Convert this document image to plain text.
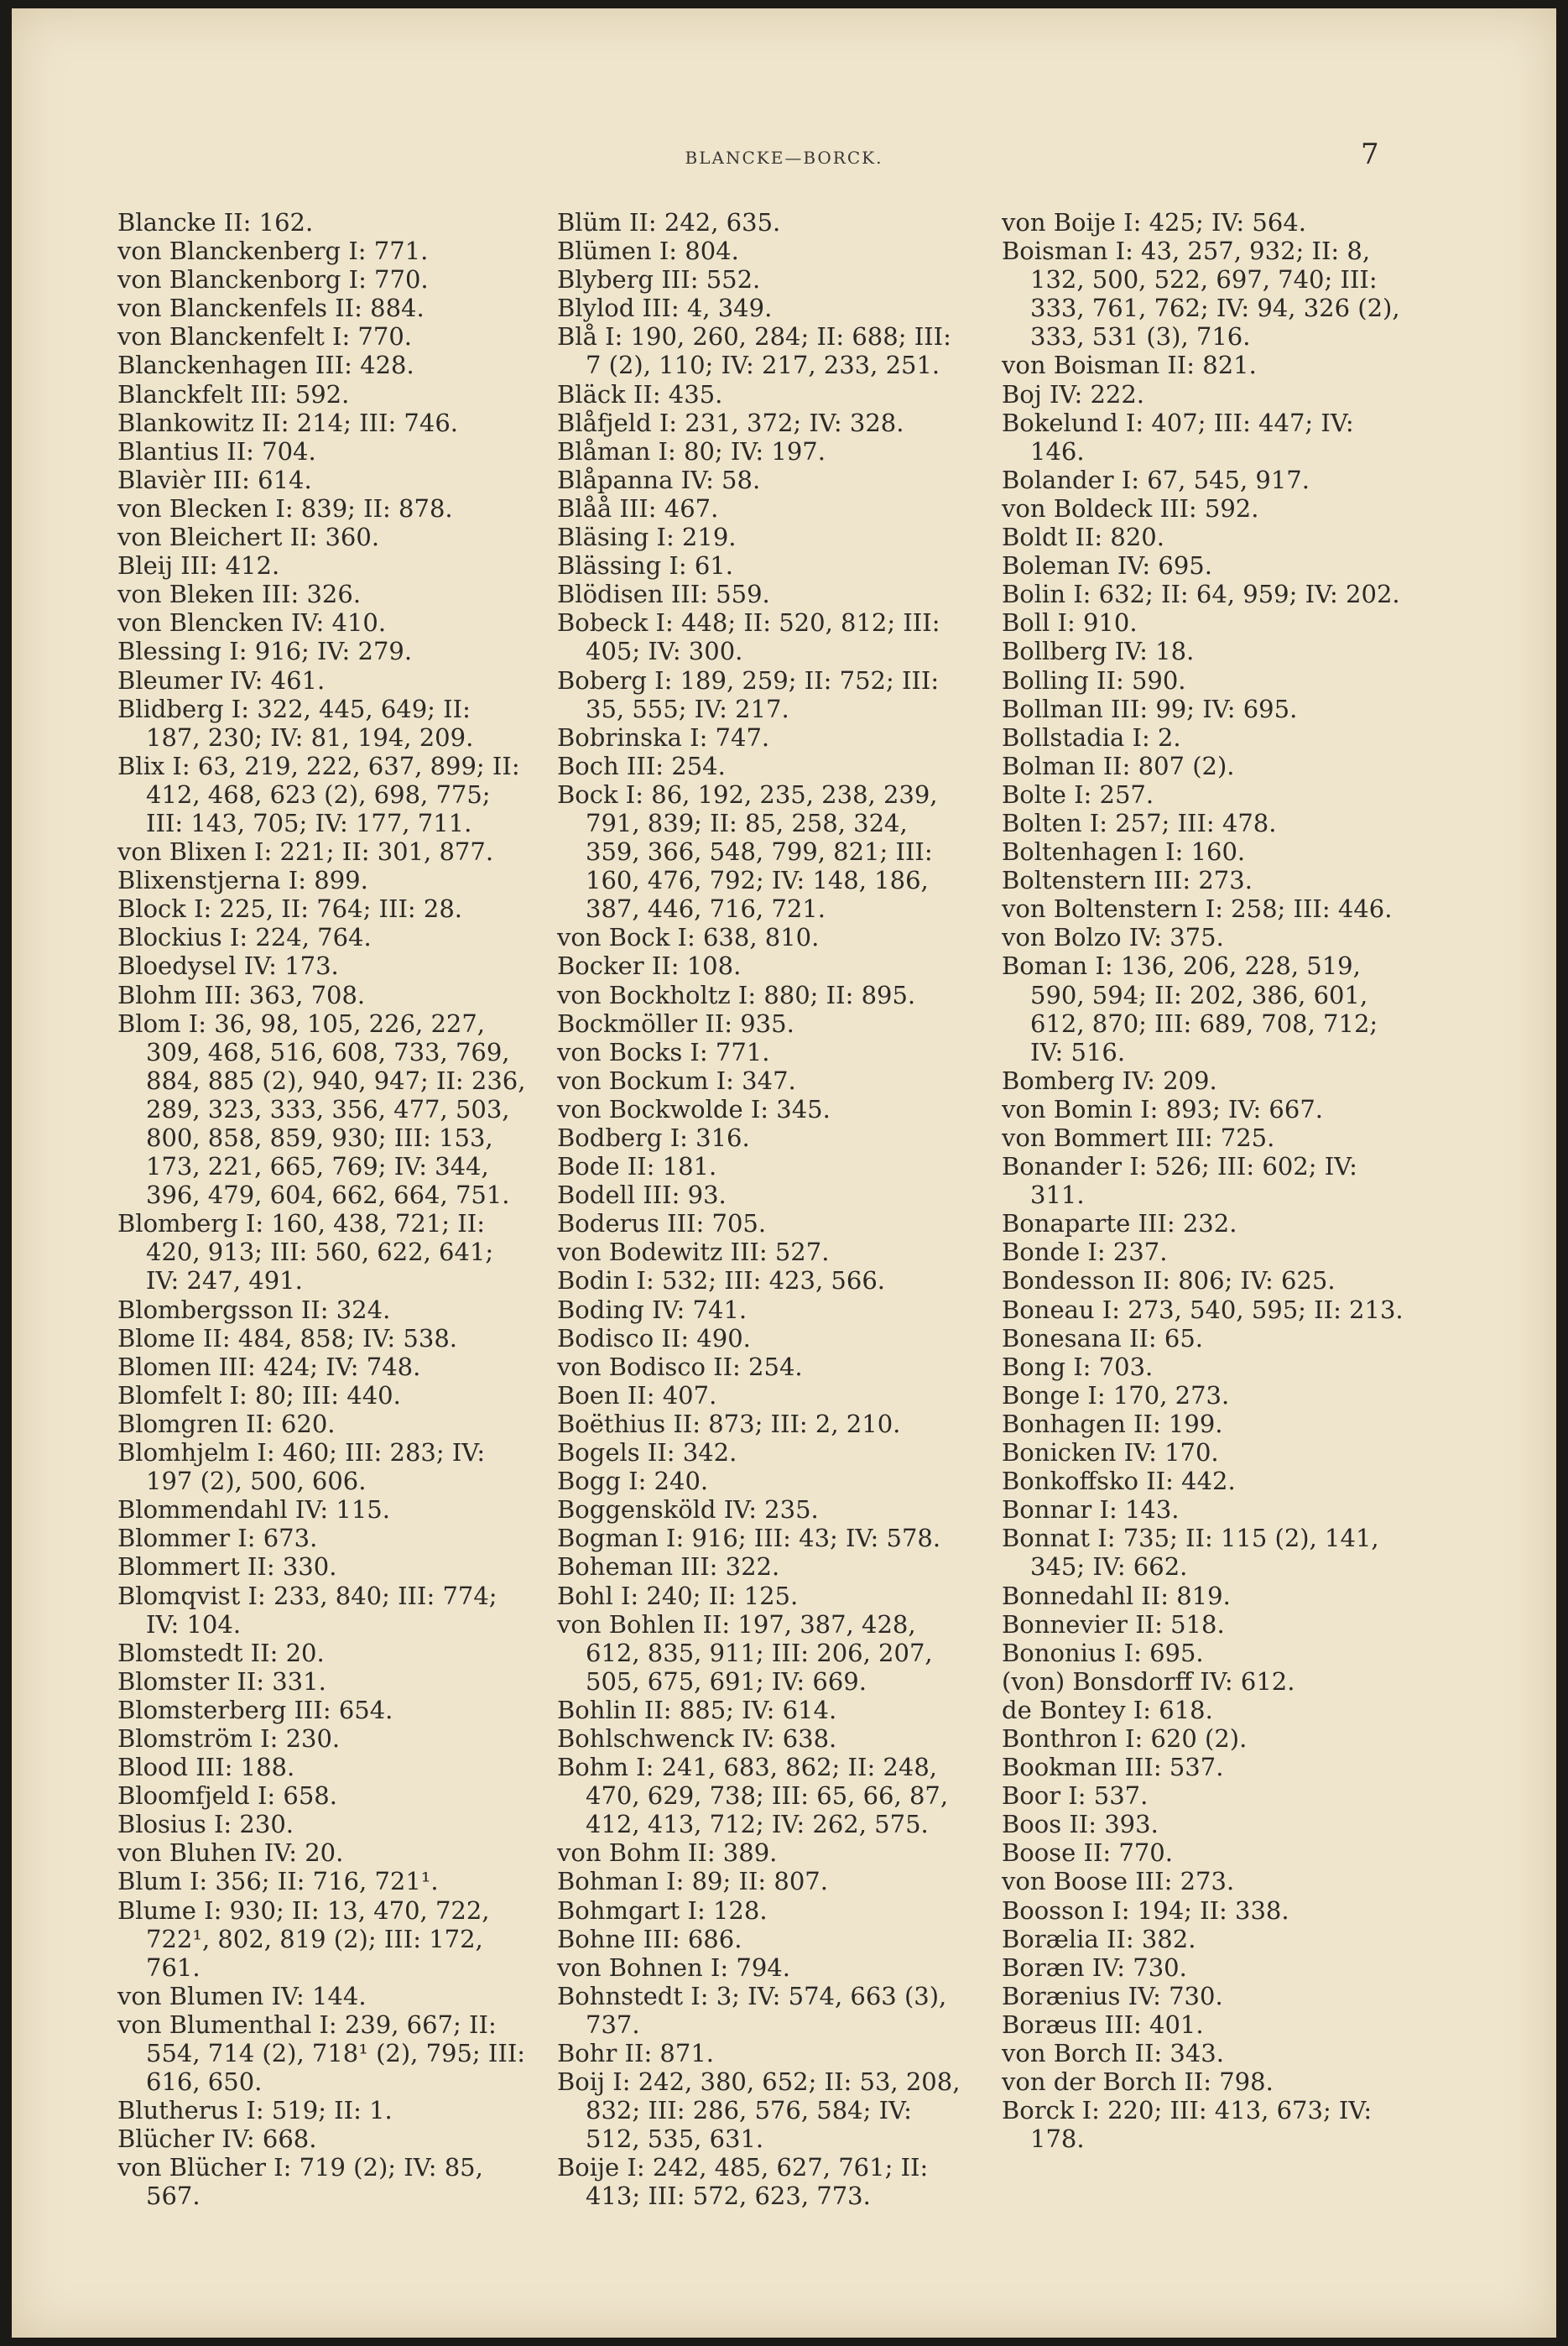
BLANCKE—BORCK.	7
Blancke II: 162.
von Blanckenberg I: 771.
von Blanckenborg I: 770.
von Blanckenfels II: 884.
von Blanckenfelt I: 770.
Blanckenhagen III: 428.
Blanckfelt III: 592.
Blankowitz II: 214; III: 746.
Blantius II: 704.
Blavièr III: 614.
von Blecken I: 839; II: 878.
von Bleichert II: 360.
Bleij III: 412.
von Bleken III: 326.
von Blencken IV: 410.
Blessing I: 916; IV: 279.
Bleumer IV: 461.
Blidberg I: 322, 445, 649; II: 187, 230; IV: 81, 194, 209.
Blix I: 63, 219, 222, 637, 899; II: 412, 468, 623 (2), 698, 775; III: 143, 705; IV: 177, 711.
von Blixen I: 221; II: 301, 877.
Blixenstjerna I: 899.
Block I: 225, II: 764; III: 28.
Blockius I: 224, 764.
Bloedysel IV: 173.
Blohm III: 363, 708.
Blom I: 36, 98, 105, 226, 227, 309, 468, 516, 608, 733, 769, 884, 885 (2), 940, 947; II: 236, 289, 323, 333, 356, 477, 503, 800, 858, 859, 930; III: 153, 173, 221, 665, 769; IV: 344, 396, 479, 604, 662, 664, 751.
Blomberg I: 160, 438, 721; II: 420, 913; III: 560, 622, 641; IV: 247, 491.
Blombergsson II: 324.
Blome II: 484, 858; IV: 538.
Blomen III: 424; IV: 748.
Blomfelt I: 80; III: 440.
Blomgren II: 620.
Blomhjelm I: 460; III: 283; IV: 197 (2), 500, 606.
Blommendahl IV: 115.
Blommer I: 673.
Blommert II: 330.
Blomqvist I: 233, 840; III: 774; IV: 104.
Blomstedt II: 20.
Blomster II: 331.
Blomsterberg III: 654.
Blomström I: 230.
Blood III: 188.
Bloomfjeld I: 658.
Blosius I: 230.
von Bluhen IV: 20.
Blum I: 356; II: 716, 721¹.
Blume I: 930; II: 13, 470, 722, 722¹, 802, 819 (2); III: 172, 761.
von Blumen IV: 144.
von Blumenthal I: 239, 667; II: 554, 714 (2), 718¹ (2), 795; III: 616, 650.
Blutherus I: 519; II: 1.
Blücher IV: 668.
von Blücher I: 719 (2); IV: 85, 567.
Blüm II: 242, 635.
Blümen I: 804.
Blyberg III: 552.
Blylod III: 4, 349.
Blå I: 190, 260, 284; II: 688; III: 7 (2), 110; IV: 217, 233, 251.
Bläck II: 435.
Blåfjeld I: 231, 372; IV: 328.
Blåman I: 80; IV: 197.
Blåpanna IV: 58.
Blåå III: 467.
Bläsing I: 219.
Blässing I: 61.
Blödisen III: 559.
Bobeck I: 448; II: 520, 812; III: 405; IV: 300.
Boberg I: 189, 259; II: 752; III: 35, 555; IV: 217.
Bobrinska I: 747.
Boch III: 254.
Bock I: 86, 192, 235, 238, 239, 791, 839; II: 85, 258, 324, 359, 366, 548, 799, 821; III: 160, 476, 792; IV: 148, 186, 387, 446, 716, 721.
von Bock I: 638, 810.
Bocker II: 108.
von Bockholtz I: 880; II: 895.
Bockmöller II: 935.
von Bocks I: 771.
von Bockum I: 347.
von Bockwolde I: 345.
Bodberg I: 316.
Bode II: 181.
Bodell III: 93.
Boderus III: 705.
von Bodewitz III: 527.
Bodin I: 532; III: 423, 566.
Boding IV: 741.
Bodisco II: 490.
von Bodisco II: 254.
Boen II: 407.
Boëthius II: 873; III: 2, 210.
Bogels II: 342.
Bogg I: 240.
Boggensköld IV: 235.
Bogman I: 916; III: 43; IV: 578.
Boheman III: 322.
Bohl I: 240; II: 125.
von Bohlen II: 197, 387, 428, 612, 835, 911; III: 206, 207, 505, 675, 691; IV: 669.
Bohlin II: 885; IV: 614.
Bohlschwenck IV: 638.
Bohm I: 241, 683, 862; II: 248, 470, 629, 738; III: 65, 66, 87, 412, 413, 712; IV: 262, 575.
von Bohm II: 389.
Bohman I: 89; II: 807.
Bohmgart I: 128.
Bohne III: 686.
von Bohnen I: 794.
Bohnstedt I: 3; IV: 574, 663 (3), 737.
Bohr II: 871.
Boij I: 242, 380, 652; II: 53, 208, 832; III: 286, 576, 584; IV: 512, 535, 631.
Boije I: 242, 485, 627, 761; II: 413; III: 572, 623, 773.
von Boije I: 425; IV: 564.
Boisman I: 43, 257, 932; II: 8, 132, 500, 522, 697, 740; III: 333, 761, 762; IV: 94, 326 (2), 333, 531 (3), 716.
von Boisman II: 821.
Boj IV: 222.
Bokelund I: 407; III: 447; IV: 146.
Bolander I: 67, 545, 917.
von Boldeck III: 592.
Boldt II: 820.
Boleman IV: 695.
Bolin I: 632; II: 64, 959; IV: 202.
Boll I: 910.
Bollberg IV: 18.
Bolling II: 590.
Bollman III: 99; IV: 695.
Bollstadia I: 2.
Bolman II: 807 (2).
Bolte I: 257.
Bolten I: 257; III: 478.
Boltenhagen I: 160.
Boltenstern III: 273.
von Boltenstern I: 258; III: 446.
von Bolzo IV: 375.
Boman I: 136, 206, 228, 519, 590, 594; II: 202, 386, 601, 612, 870; III: 689, 708, 712; IV: 516.
Bomberg IV: 209.
von Bomin I: 893; IV: 667.
von Bommert III: 725.
Bonander I: 526; III: 602; IV: 311.
Bonaparte III: 232.
Bonde I: 237.
Bondesson II: 806; IV: 625.
Boneau I: 273, 540, 595; II: 213.
Bonesana II: 65.
Bong I: 703.
Bonge I: 170, 273.
Bonhagen II: 199.
Bonicken IV: 170.
Bonkoffsko II: 442.
Bonnar I: 143.
Bonnat I: 735; II: 115 (2), 141, 345; IV: 662.
Bonnedahl II: 819.
Bonnevier II: 518.
Bononius I: 695.
(von) Bonsdorff IV: 612.
de Bontey I: 618.
Bonthron I: 620 (2).
Bookman III: 537.
Boor I: 537.
Boos II: 393.
Boose II: 770.
von Boose III: 273.
Boosson I: 194; II: 338.
Borælia II: 382.
Boræn IV: 730.
Borænius IV: 730.
Boræus III: 401.
von Borch II: 343.
von der Borch II: 798.
Borck I: 220; III: 413, 673; IV: 178.
